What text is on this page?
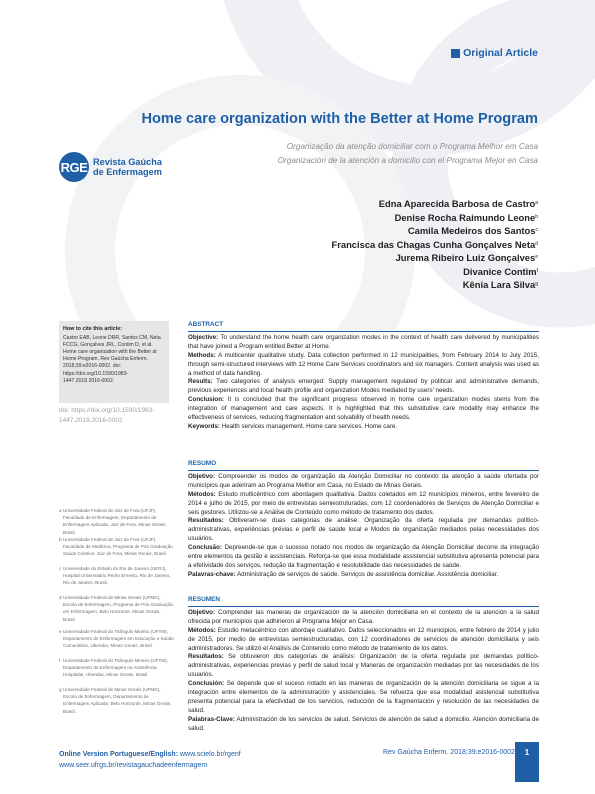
Original Article
Home care organization with the Better at Home Program
Organização da atenção domiciliar com o Programa Melhor em Casa
Organización de la atención a domicilio con el Programa Mejor en Casa
RGE Revista Gaúcha
de Enfermagem
Edna Aparecida Barbosa de Castro$^a$
Denise Rocha Raimundo Leone$^b$
Camila Medeiros dos Santos$^c$
Francisca das Chagas Cunha Gonçalves Neta$^d$
Jurema Ribeiro Luiz Gonçalves$^e$
Divanice Contim$^f$
Kênia Lara Silva$^g$
How to cite this article:
Castro EAB, Leone DRR, Santos CM, Neta FCCG, Gonçalves JRL, Contim D, et al. Home care organization with the Better at Home Program. Rev Gaúcha Enferm. 2018;39:e2016-0002. doi: https://doi.org/10.1590/1983-1447.2018.2016-0002.
doi: https://doi.org/10.1590/1983-1447.2018.2016-0002
a Universidade Federal de Juiz de Fora (UFJF), Faculdade de Enfermagem, Departamento de Enfermagem Aplicada. Juiz de Fora, Minas Gerais, Brasil.
b Universidade Federal de Juiz de Fora (UFJF), Faculdade de Medicina, Programa de Pós Graduação Saúde Coletiva. Juiz de Fora, Minas Gerais, Brasil.
c Universidade do Estado do Rio de Janeiro (UERJ), Hospital Universitário Pedro Ernesto, Rio de Janeiro, Rio de Janeiro, Brasil.
d Universidade Federal de Minas Gerais (UFMG), Escola de Enfermagem, Programa de Pós Graduação em Enfermagem, Belo Horizonte, Minas Gerais, Brasil.
e Universidade Federal do Triângulo Mineiro (UFTM), Departamento de Enfermagem em Educação e Saúde Comunitária, Uberaba, Minas Gerais, Brasil.
f Universidade Federal do Triângulo Mineiro (UFTM), Departamento de Enfermagem na Assistência Hospitalar, Uberaba, Minas Gerais, Brasil.
g Universidade Federal de Minas Gerais (UFMG), Escola de Enfermagem, Departamento de Enfermagem Aplicada. Belo Horizonte, Minas Gerais, Brasil.
ABSTRACT

Objective: To understand the home health care organization modes in the context of health care delivered by municipalities that have joined a Program entitled Better at Home.

Methods: A multicenter qualitative study. Data collection performed in 12 municipalities, from February 2014 to July 2015, through semi-structured interviews with 12 Home Care Services coordinators and six managers. Content analysis was used as a method of data handling.

Results: Two categories of analysis emerged: Supply management regulated by political and administrative demands, previous experiences and local health profile and organization Modes mediated by users' needs.

Conclusion: It is concluded that the significant progress observed in home care organization modes stems from the integration of management and care aspects. It is highlighted that this substitutive care modality may enhance the effectiveness of services, reducing fragmentation and solvability of health needs.

Keywords: Health services management. Home care services. Home care.

RESUMO

Objetivo: Compreender os modos de organização da Atenção Domiciliar no contexto da atenção à saúde ofertada por municípios que aderiram ao Programa Melhor em Casa, no Estado de Minas Gerais.

Métodos: Estudo multicêntrico com abordagem qualitativa. Dados coletados em 12 municípios mineiros, entre fevereiro de 2014 e julho de 2015, por meio de entrevistas semiestruturadas, com 12 coordenadores de Serviços de Atenção Domiciliar e seis gestores. Utilizou-se a Análise de Conteúdo como método de tratamento dos dados.

Resultados: Obtiveram-se duas categorias de análise: Organização da oferta regulada por demandas político-administrativas, experiências prévias e perfil de saúde local e Modos de organização mediados pelas necessidades dos usuários.

Conclusão: Depreende-se que o sucesso notado nos modos de organização da Atenção Domiciliar decorre da integração entre elementos da gestão e assistenciais. Reforça-se que essa modalidade assistencial substitutiva apresenta potencial para a efetividade dos serviços, redução da fragmentação e resolubilidade das necessidades de saúde.

Palavras-chave: Administração de serviços de saúde. Serviços de assistência domiciliar. Assistência domiciliar.

RESUMEN

Objetivo: Comprender las maneras de organización de la atención domiciliaria en el contexto de la atención a la salud ofrecida por municipios que adhirieron al Programa Mejor en Casa.

Métodos: Estudio metacéntrico con abordaje cualitativo. Datos seleccionados en 12 municipios, entre febrero de 2014 y julio de 2015, por medio de entrevistas semiestructuradas, con 12 coordinadores de servicios de atención domiciliaria y seis administradores. Se utilizó el Análisis de Contenido como método de tratamiento de los datos.

Resultados: Se obtuvieron dos categorías de análisis: Organización de la oferta regulada por demandas político-administrativas, experiencias previas y perfil de salud local y Maneras de organización mediadas por las necesidades de los usuarios.

Conclusión: Se depende que el suceso notado en las maneras de organización de la atención domiciliaria se sigue a la integración entre elementos de la administración y asistenciales. Se refuerza que esa modalidad asistencial substitutiva presenta potencial para la efectividad de los servicios, reducción de la fragmentación y resolución de las necesidades de salud.

Palabras-Clave: Administración de los servicios de salud. Servicios de atención de salud a domicilio. Atención domiciliaria de salud.

Online Version Portuguese/English: www.scielo.br/rgenf
www.seer.ufrgs.br/revistagauchadeenfermagem
Rev Gaúcha Enferm. 2018;39:e2016-0002	1
